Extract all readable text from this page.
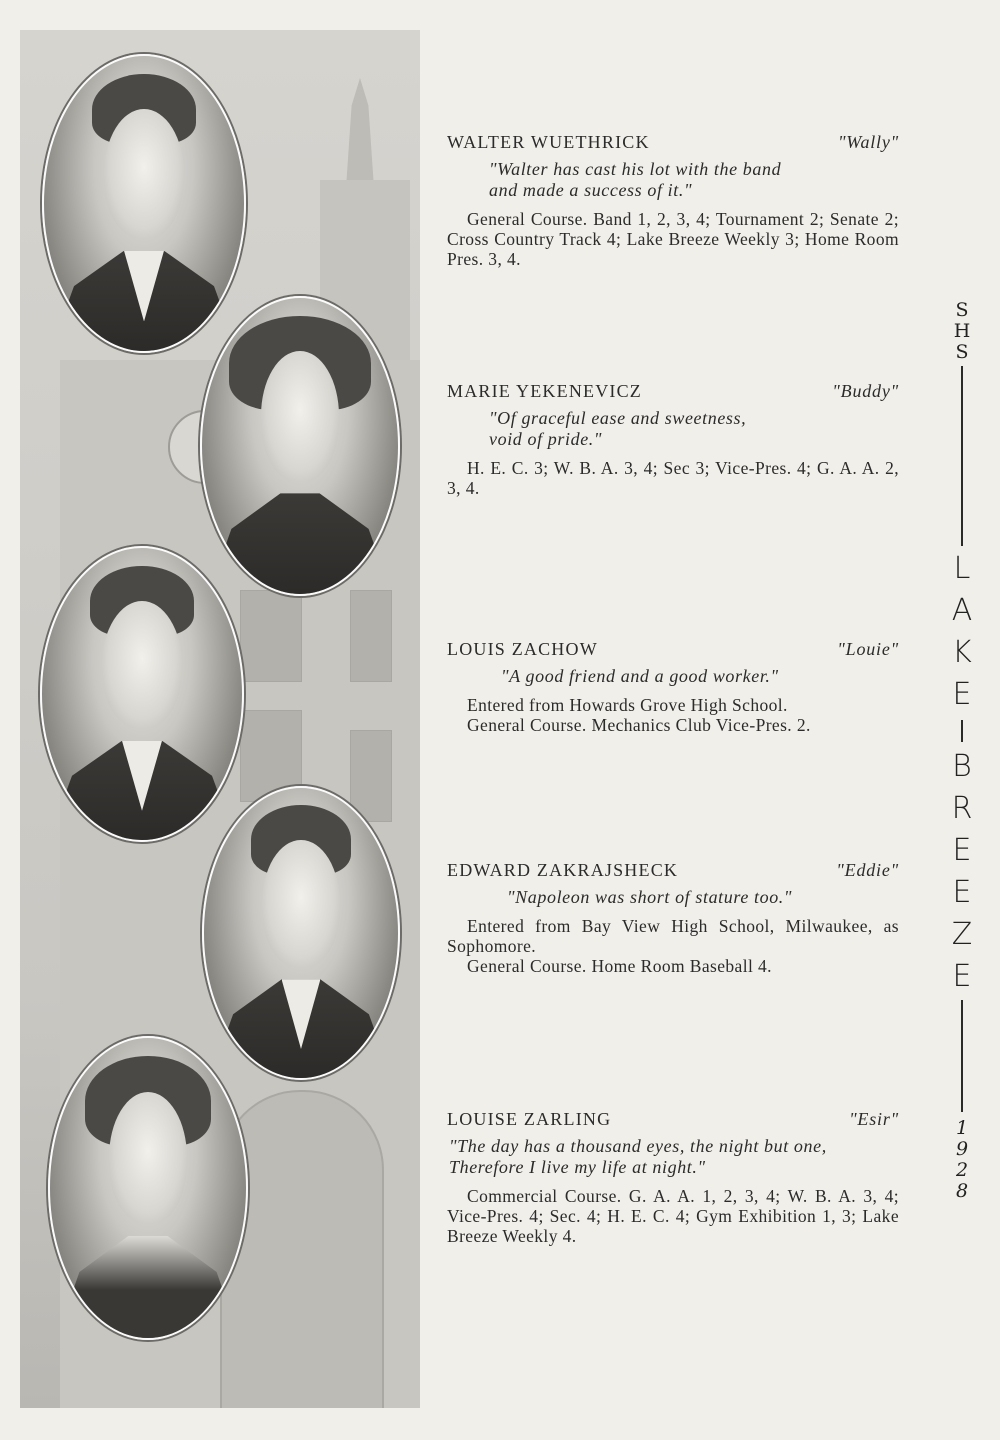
WALTER WUETHRICK	"Wally"
"Walter has cast his lot with the band
and made a success of it."
General Course. Band 1, 2, 3, 4; Tournament 2; Senate 2; Cross Country Track 4; Lake Breeze Weekly 3; Home Room Pres. 3, 4.
MARIE YEKENEVICZ	"Buddy"
"Of graceful ease and sweetness,
void of pride."
H. E. C. 3; W. B. A. 3, 4; Sec 3; Vice-Pres. 4; G. A. A. 2, 3, 4.
LOUIS ZACHOW	"Louie"
"A good friend and a good worker."
Entered from Howards Grove High School.
General Course. Mechanics Club Vice-Pres. 2.
EDWARD ZAKRAJSHECK	"Eddie"
"Napoleon was short of stature too."
Entered from Bay View High School, Milwaukee, as Sophomore.
General Course. Home Room Baseball 4.
LOUISE ZARLING	"Esir"
"The day has a thousand eyes, the night but one,
Therefore I live my life at night."
Commercial Course. G. A. A. 1, 2, 3, 4; W. B. A. 3, 4; Vice-Pres. 4; Sec. 4; H. E. C. 4; Gym Exhibition 1, 3; Lake Breeze Weekly 4.
S
H
S
L
A
K
E
B
R
E
E
Z
E
1
9
2
8
